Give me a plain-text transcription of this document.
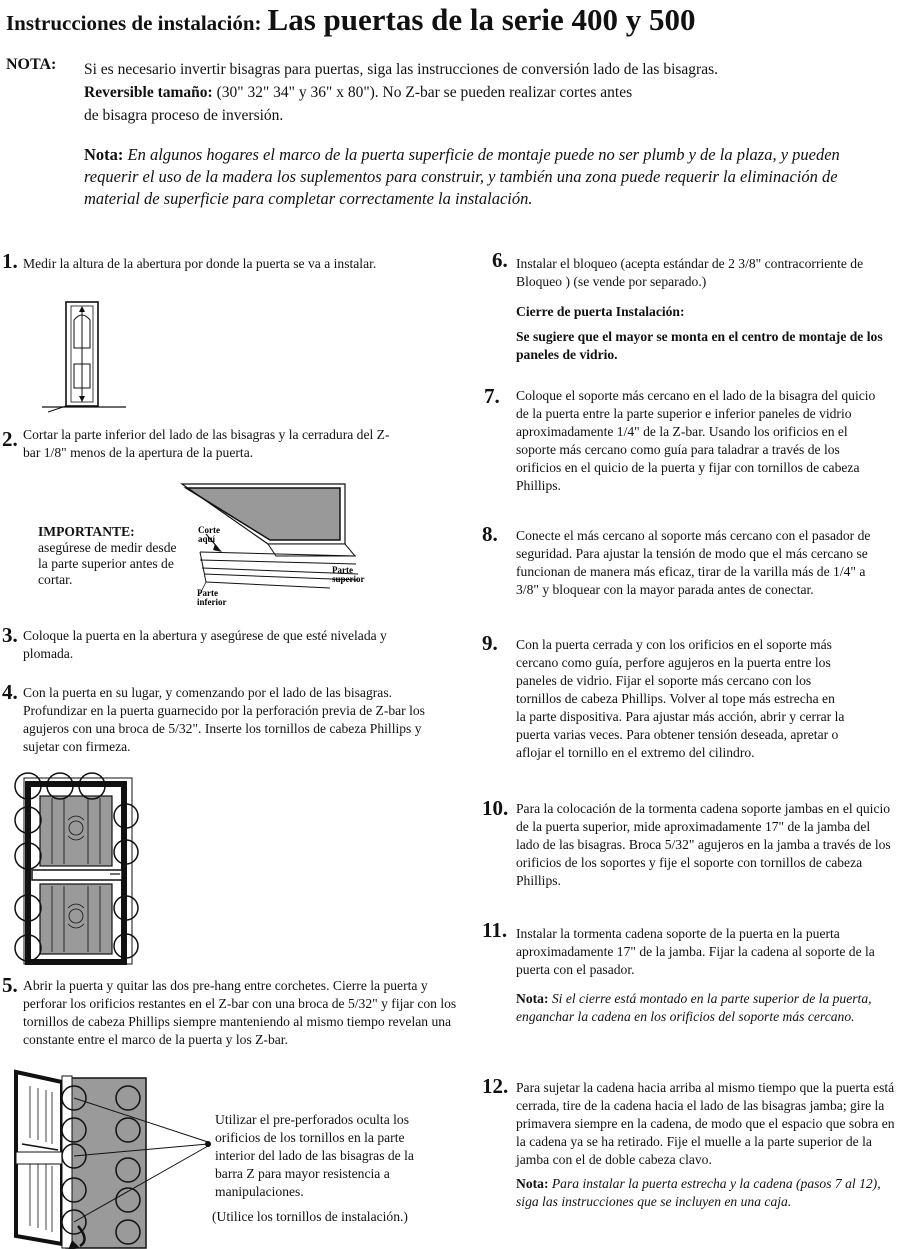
Instrucciones de instalación: Las puertas de la serie 400 y 500
NOTA: Si es necesario invertir bisagras para puertas, siga las instrucciones de conversión lado de las bisagras.
Reversible tamaño: (30" 32" 34" y 36" x 80"). No Z-bar se pueden realizar cortes antes
de bisagra proceso de inversión.
Nota: En algunos hogares el marco de la puerta superficie de montaje puede no ser plumb y de la plaza, y pueden requerir el uso de la madera los suplementos para construir, y también una zona puede requerir la eliminación de material de superficie para completar correctamente la instalación.
1. Medir la altura de la abertura por donde la puerta se va a instalar.
2. Cortar la parte inferior del lado de las bisagras y la cerradura del Z-bar 1/8" menos de la apertura de la puerta.
IMPORTANTE:
asegúrese de medir desde la parte superior antes de cortar.
Corte
aquí
Parte
superior
Parte
inferior
3. Coloque la puerta en la abertura y asegúrese de que esté nivelada y plomada.
4. Con la puerta en su lugar, y comenzando por el lado de las bisagras. Profundizar en la puerta guarnecido por la perforación previa de Z-bar los agujeros con una broca de 5/32". Inserte los tornillos de cabeza Phillips y sujetar con firmeza.
5. Abrir la puerta y quitar las dos pre-hang entre corchetes. Cierre la puerta y perforar los orificios restantes en el Z-bar con una broca de 5/32" y fijar con los tornillos de cabeza Phillips siempre manteniendo al mismo tiempo revelan una constante entre el marco de la puerta y los Z-bar.
Utilizar el pre-perforados oculta los orificios de los tornillos en la parte interior del lado de las bisagras de la barra Z para mayor resistencia a manipulaciones.
(Utilice los tornillos de instalación.)
6. Instalar el bloqueo (acepta estándar de 2 3/8" contracorriente de Bloqueo ) (se vende por separado.)
Cierre de puerta Instalación:
Se sugiere que el mayor se monta en el centro de montaje de los paneles de vidrio.
7. Coloque el soporte más cercano en el lado de la bisagra del quicio de la puerta entre la parte superior e inferior paneles de vidrio aproximadamente 1/4" de la Z-bar. Usando los orificios en el soporte más cercano como guía para taladrar a través de los orificios en el quicio de la puerta y fijar con tornillos de cabeza Phillips.
8. Conecte el más cercano al soporte más cercano con el pasador de seguridad. Para ajustar la tensión de modo que el más cercano se funcionan de manera más eficaz, tirar de la varilla más de 1/4" a 3/8" y bloquear con la mayor parada antes de conectar.
9. Con la puerta cerrada y con los orificios en el soporte más cercano como guía, perfore agujeros en la puerta entre los paneles de vidrio. Fijar el soporte más cercano con los tornillos de cabeza Phillips. Volver al tope más estrecha en la parte dispositiva. Para ajustar más acción, abrir y cerrar la puerta varias veces. Para obtener tensión deseada, apretar o aflojar el tornillo en el extremo del cilindro.
10. Para la colocación de la tormenta cadena soporte jambas en el quicio de la puerta superior, mide aproximadamente 17" de la jamba del lado de las bisagras. Broca 5/32" agujeros en la jamba a través de los orificios de los soportes y fije el soporte con tornillos de cabeza Phillips.
11. Instalar la tormenta cadena soporte de la puerta en la puerta aproximadamente 17" de la jamba. Fijar la cadena al soporte de la puerta con el pasador.
Nota: Si el cierre está montado en la parte superior de la puerta, enganchar la cadena en los orificios del soporte más cercano.
12. Para sujetar la cadena hacia arriba al mismo tiempo que la puerta está cerrada, tire de la cadena hacia el lado de las bisagras jamba; gire la primavera siempre en la cadena, de modo que el espacio que sobra en la cadena ya se ha retirado. Fije el muelle a la parte superior de la jamba con el de doble cabeza clavo.
Nota: Para instalar la puerta estrecha y la cadena (pasos 7 al 12), siga las instrucciones que se incluyen en una caja.
